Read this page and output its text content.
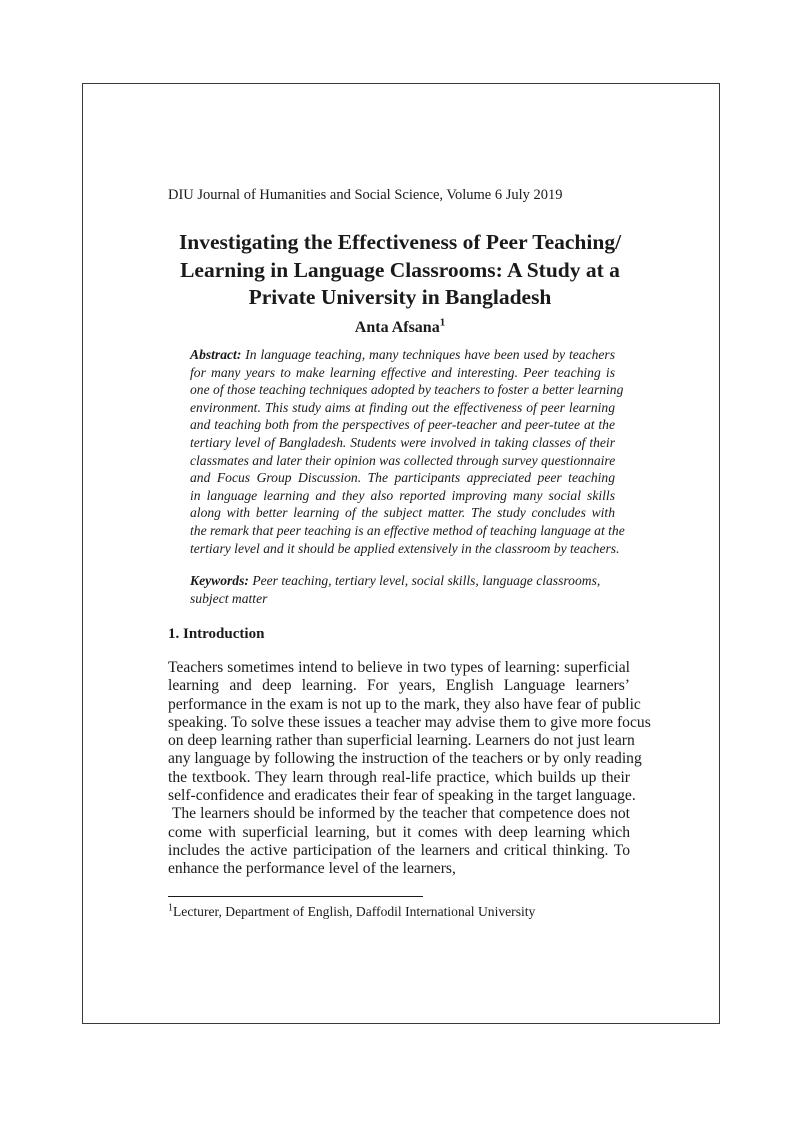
DIU Journal of Humanities and Social Science, Volume 6 July 2019
Investigating the Effectiveness of Peer Teaching/
Learning in Language Classrooms: A Study at a
Private University in Bangladesh
Anta Afsana$^1$
Abstract: In language teaching, many techniques have been used by teachers
for many years to make learning effective and interesting. Peer teaching is
one of those teaching techniques adopted by teachers to foster a better learning
environment. This study aims at finding out the effectiveness of peer learning
and teaching both from the perspectives of peer-teacher and peer-tutee at the
tertiary level of Bangladesh. Students were involved in taking classes of their
classmates and later their opinion was collected through survey questionnaire
and Focus Group Discussion. The participants appreciated peer teaching
in language learning and they also reported improving many social skills
along with better learning of the subject matter. The study concludes with
the remark that peer teaching is an effective method of teaching language at the
tertiary level and it should be applied extensively in the classroom by teachers.
Keywords: Peer teaching, tertiary level, social skills, language classrooms,
subject matter
1. Introduction
Teachers sometimes intend to believe in two types of learning: superficial
learning and deep learning. For years, English Language learners’
performance in the exam is not up to the mark, they also have fear of public
speaking. To solve these issues a teacher may advise them to give more focus
on deep learning rather than superficial learning. Learners do not just learn
any language by following the instruction of the teachers or by only reading
the textbook. They learn through real-life practice, which builds up their
self-confidence and eradicates their fear of speaking in the target language.
The learners should be informed by the teacher that competence does not
come with superficial learning, but it comes with deep learning which
includes the active participation of the learners and critical thinking. To
enhance the performance level of the learners,
$^1$Lecturer, Department of English, Daffodil International University
